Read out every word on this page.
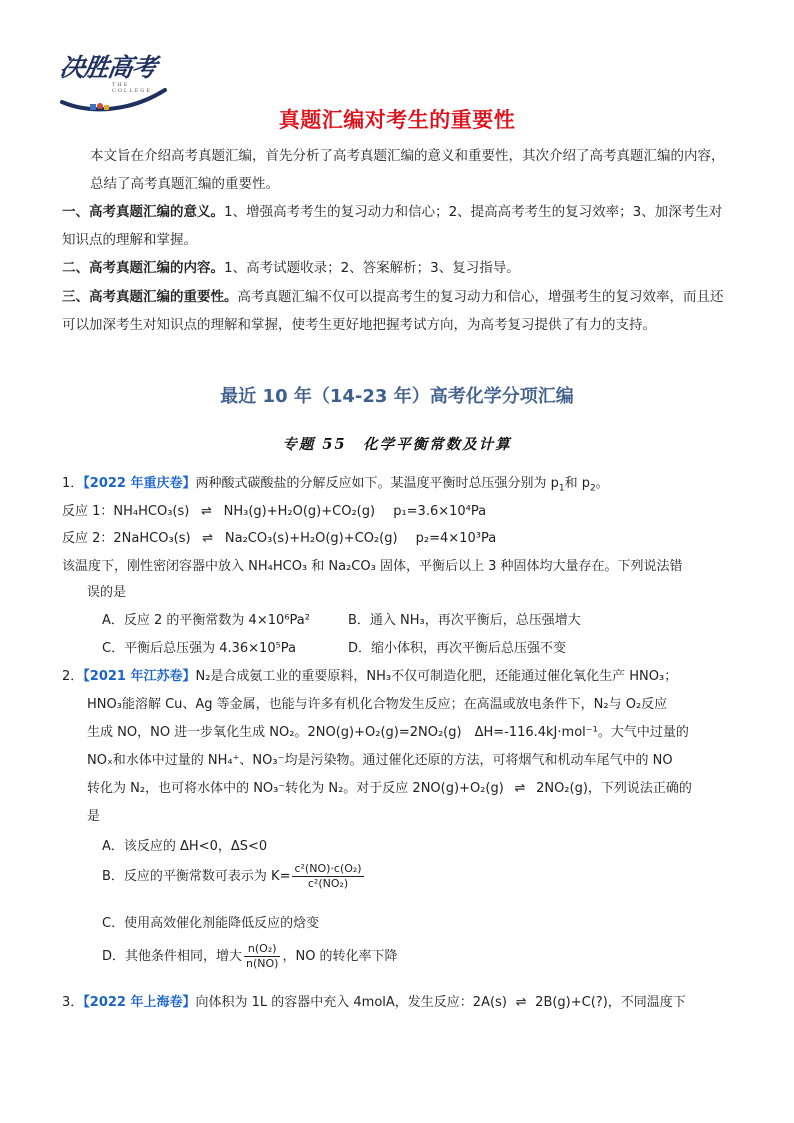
决胜高考
THE COLLEGE
真题汇编对考生的重要性
本文旨在介绍高考真题汇编，首先分析了高考真题汇编的意义和重要性，其次介绍了高考真题汇编的内容，总结了高考真题汇编的重要性。
一、高考真题汇编的意义。1、增强高考考生的复习动力和信心；2、提高高考考生的复习效率；3、加深考生对知识点的理解和掌握。
二、高考真题汇编的内容。1、高考试题收录；2、答案解析；3、复习指导。
三、高考真题汇编的重要性。高考真题汇编不仅可以提高考生的复习动力和信心，增强考生的复习效率，而且还可以加深考生对知识点的理解和掌握，使考生更好地把握考试方向，为高考复习提供了有力的支持。
最近 10 年（14-23 年）高考化学分项汇编
专题 55　化学平衡常数及计算
1．【2022 年重庆卷】两种酸式碳酸盐的分解反应如下。某温度平衡时总压强分别为 $p_1$和 $p_2$。
反应 1：NH₄HCO₃(s) ⇌ NH₃(g)+H₂O(g)+CO₂(g) p₁=3.6×10⁴Pa
反应 2：2NaHCO₃(s) ⇌ Na₂CO₃(s)+H₂O(g)+CO₂(g) p₂=4×10³Pa
该温度下，刚性密闭容器中放入 NH₄HCO₃ 和 Na₂CO₃ 固体，平衡后以上 3 种固体均大量存在。下列说法错
误的是
A．反应 2 的平衡常数为 4×10⁶Pa²	B．通入 NH₃，再次平衡后，总压强增大
C．平衡后总压强为 4.36×10⁵Pa	D．缩小体积，再次平衡后总压强不变
2．【2021 年江苏卷】N₂是合成氨工业的重要原料，NH₃不仅可制造化肥，还能通过催化氧化生产 HNO₃；
HNO₃能溶解 Cu、Ag 等金属，也能与许多有机化合物发生反应；在高温或放电条件下，N₂与 O₂反应
生成 NO，NO 进一步氧化生成 NO₂。2NO(g)+O₂(g)=2NO₂(g)　ΔH=-116.4kJ·mol⁻¹。大气中过量的
NOₓ和水体中过量的 NH₄⁺、NO₃⁻均是污染物。通过催化还原的方法，可将烟气和机动车尾气中的 NO
转化为 N₂，也可将水体中的 NO₃⁻转化为 N₂。对于反应 2NO(g)+O₂(g) ⇌ 2NO₂(g)，下列说法正确的
是
A．该反应的 ΔH<0，ΔS<0
B．反应的平衡常数可表示为 $K= \frac{\text{c²(NO)·c(O₂)}}{\text{c²(NO₂)}}$
C．使用高效催化剂能降低反应的焓变
D．其他条件相同，增大 $\frac{\text{n(O₂)}}{n(NO)}$ ，NO 的转化率下降
3．【2022 年上海卷】向体积为 1L 的容器中充入 4molA，发生反应：2A(s) ⇌ 2B(g)+C(?)，不同温度下
